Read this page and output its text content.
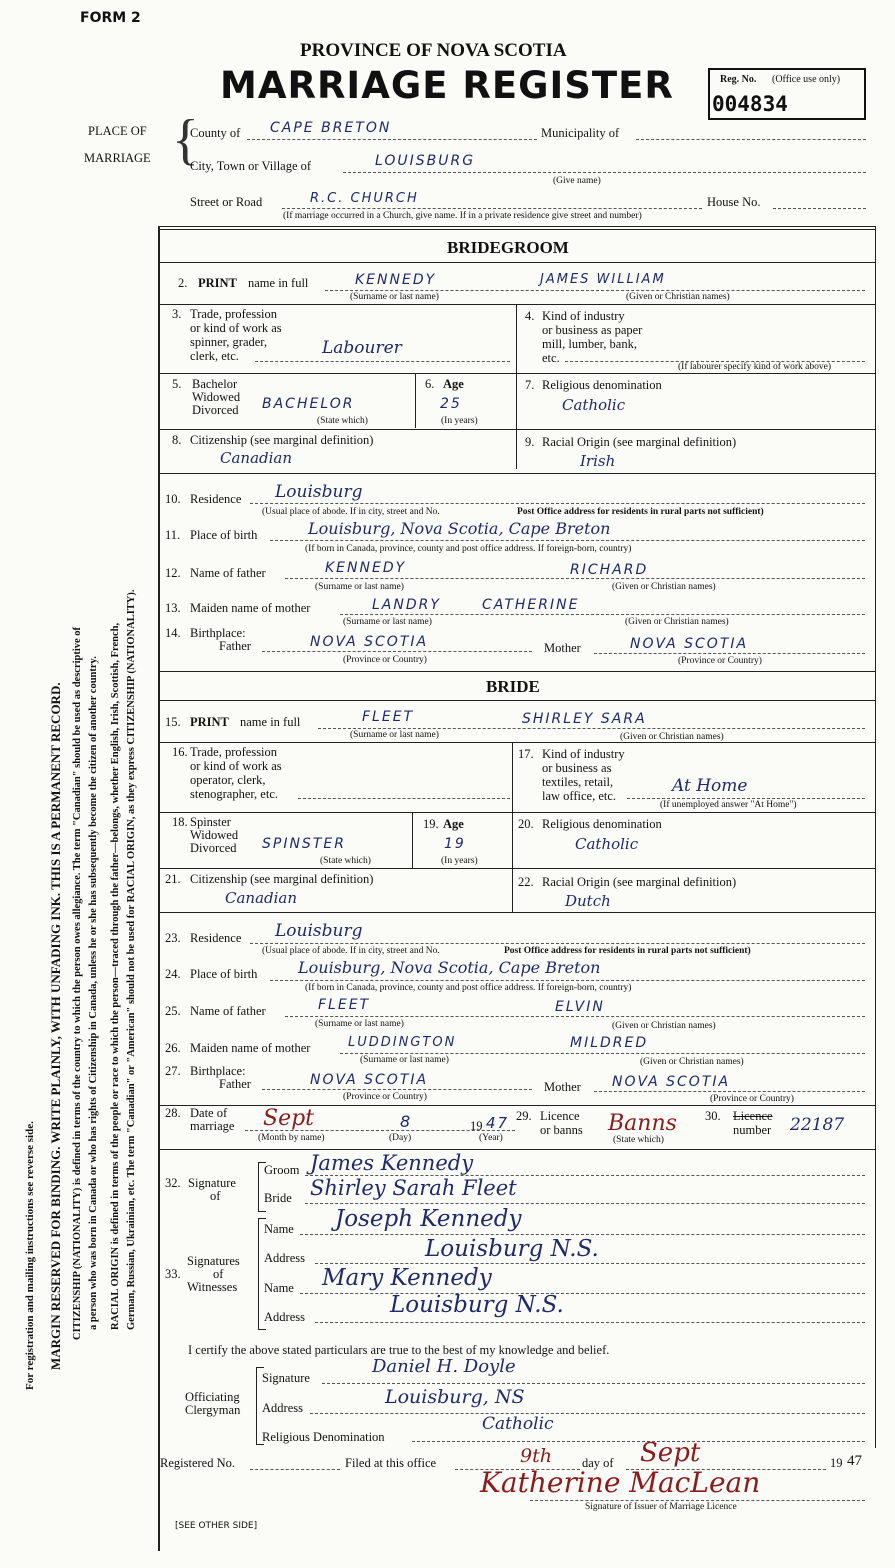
FORM 2
PROVINCE OF NOVA SCOTIA
MARRIAGE REGISTER	Reg. No. (Office use only)
004834
For registration and mailing instructions see reverse side. MARGIN RESERVED FOR BINDING. WRITE PLAINLY, WITH UNFADING INK. THIS IS A PERMANENT RECORD. CITIZENSHIP (NATIONALITY) is defined in terms of the country to which the person owes allegiance. The term "Canadian" should be used as descriptive of a person who was born in Canada or who has rights of Citizenship in Canada, unless he or she has subsequently become the citizen of another country. RACIAL ORIGIN is defined in terms of the people or race to which the person—traced through the father—belongs, whether English, Irish, Scottish, French, German, Russian, Ukrainian, etc. The term "Canadian" or "American" should not be used for RACIAL ORIGIN, as they express CITIZENSHIP (NATIONALITY).
PLACE OF
MARRIAGE {
County of CAPE BRETON	Municipality of
City, Town or Village of	LOUISBURG
(Give name)
Street or Road	R.C. CHURCH	House No.
(If marriage occurred in a Church, give name. If in a private residence give street and number)
BRIDEGROOM
2. PRINT name in full	KENNEDY	JAMES WILLIAM
(Surname or last name)	(Given or Christian names)
3. Trade, profession
or kind of work as
spinner, grader,
clerk, etc.	Labourer
4. Kind of industry
or business as paper
mill, lumber, bank,
etc.
(If labourer specify kind of work above)
5. Bachelor
Widowed
Divorced BACHELOR
(State which)
6. Age
25
(In years)
7. Religious denomination
Catholic
8. Citizenship (see marginal definition)
Canadian
9. Racial Origin (see marginal definition)
Irish
10. Residence Louisburg
(Usual place of abode. If in city, street and No.	Post Office address for residents in rural parts not sufficient)
11. Place of birth	Louisburg, Nova Scotia, Cape Breton
(If born in Canada, province, county and post office address. If foreign-born, country)
12. Name of father	KENNEDY	RICHARD
(Surname or last name)	(Given or Christian names)
13. Maiden name of mother	LANDRY	CATHERINE
(Surname or last name)	(Given or Christian names)
14. Birthplace:
Father	NOVA SCOTIA
(Province or Country)
Mother	NOVA SCOTIA
(Province or Country)
BRIDE
15. PRINT name in full	FLEET	SHIRLEY SARA
(Surname or last name)	(Given or Christian names)
16. Trade, profession
or kind of work as
operator, clerk,
stenographer, etc.
17. Kind of industry
or business as
textiles, retail,
law office, etc.	At Home
(If unemployed answer "At Home")
18. Spinster
Widowed
Divorced SPINSTER
(State which)
19. Age
19
(In years)
20. Religious denomination
Catholic
21. Citizenship (see marginal definition)
Canadian
22. Racial Origin (see marginal definition)
Dutch
23. Residence Louisburg
(Usual place of abode. If in city, street and No.	Post Office address for residents in rural parts not sufficient)
24. Place of birth	Louisburg, Nova Scotia, Cape Breton
(If born in Canada, province, county and post office address. If foreign-born, country)
25. Name of father	FLEET	ELVIN
(Surname or last name)	(Given or Christian names)
26. Maiden name of mother	LUDDINGTON	MILDRED
(Surname or last name)	(Given or Christian names)
27. Birthplace:
Father	NOVA SCOTIA
(Province or Country)
Mother NOVA SCOTIA
(Province or Country)
28. Date of
marriage Sept	8	19 47
(Month by name)	(Day)	(Year)
29. Licence
or banns Banns
(State which)
30. Licence
number 22187
32. Signature
of
Groom James Kennedy
Bride Shirley Sarah Fleet
33.
Signatures
of
Witnesses
Name Joseph Kennedy
Address	Louisburg N.S.
Name Mary Kennedy
Address	Louisburg N.S.
I certify the above stated particulars are true to the best of my knowledge and belief.
Officiating
Clergyman
Signature
Daniel H. Doyle
Address	Louisburg, NS
Religious Denomination
Catholic
Registered No.	Filed at this office	9th day of Sept	19 47
Katherine MacLean
Signature of Issuer of Marriage Licence
[SEE OTHER SIDE]
